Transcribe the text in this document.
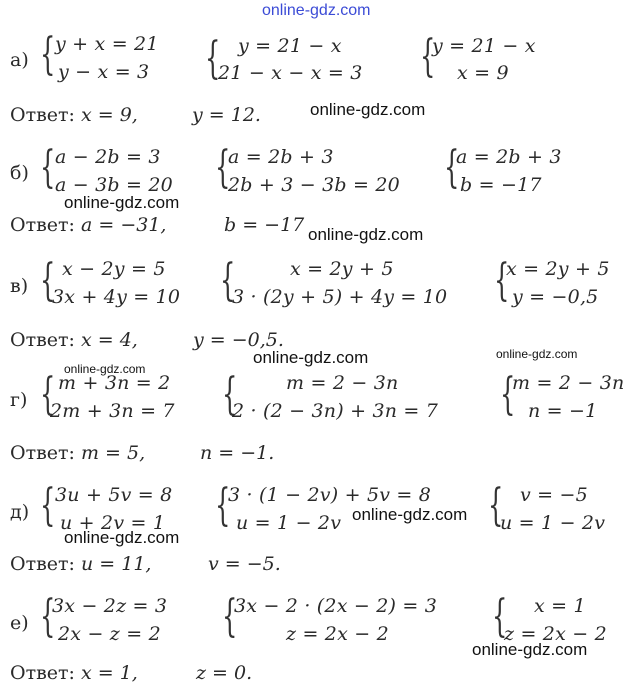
online-gdz.com
а) { y + x = 21
y − x = 3 { y = 21 − x
21 − x − x = 3 {
y = 21 − x
x = 9
Ответ: x = 9,	y = 12.	online-gdz.com
б) { a − 2b = 3
a − 3b = 20 {
a = 2b + 3
2b + 3 − 3b = 20 {
a = 2b + 3
b = −17
online-gdz.com
Ответ: a = −31,	b = −17 online-gdz.com
в) { x − 2y = 5
3x + 4y = 10 {	x = 2y + 5
3 · (2y + 5) + 4y = 10 {
x = 2y + 5
y = −0,5
Ответ: x = 4,	y = −0,5.
online-gdz.com	online-gdz.com
online-gdz.com
г) { m + 3n = 2
2m + 3n = 7 {	m = 2 − 3n
2 · (2 − 3n) + 3n = 7 {
m = 2 − 3n
n = −1
Ответ: m = 5,	n = −1.
д) { 3u + 5v = 8
u + 2v = 1 {
3 · (1 − 2v) + 5v = 8
u = 1 − 2v	{ v = −5
u = 1 − 2v
online-gdz.com
online-gdz.com
Ответ: u = 11,	v = −5.
е) {
3x − 2z = 3
2x − z = 2 {
3x − 2 · (2x − 2) = 3
z = 2x − 2 { x = 1
z = 2x − 2
online-gdz.com
Ответ: x = 1,	z = 0.
